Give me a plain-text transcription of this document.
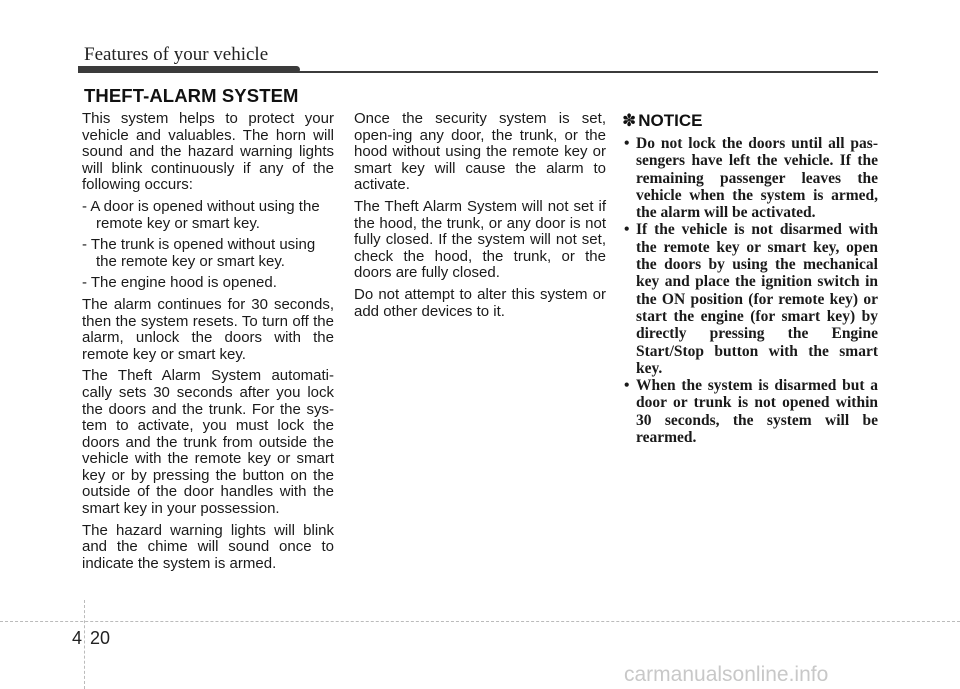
Features of your vehicle
THEFT-ALARM SYSTEM

This system helps to protect your vehicle and valuables. The horn will sound and the hazard warning lights will blink continuously if any of the following occurs:

- A door is opened without using the remote key or smart key.

- The trunk is opened without using the remote key or smart key.

- The engine hood is opened.

The alarm continues for 30 seconds, then the system resets. To turn off the alarm, unlock the doors with the remote key or smart key.

The Theft Alarm System automati-cally sets 30 seconds after you lock the doors and the trunk. For the sys-tem to activate, you must lock the doors and the trunk from outside the vehicle with the remote key or smart key or by pressing the button on the outside of the door handles with the smart key in your possession.

The hazard warning lights will blink and the chime will sound once to indicate the system is armed.

Once the security system is set, open-ing any door, the trunk, or the hood without using the remote key or smart key will cause the alarm to activate.

The Theft Alarm System will not set if the hood, the trunk, or any door is not fully closed. If the system will not set, check the hood, the trunk, or the doors are fully closed.

Do not attempt to alter this system or add other devices to it.

✽ NOTICE
• Do not lock the doors until all pas-sengers have left the vehicle. If the remaining passenger leaves the vehicle when the system is armed, the alarm will be activated.
• If the vehicle is not disarmed with the remote key or smart key, open the doors by using the mechanical key and place the ignition switch in the ON position (for remote key) or start the engine (for smart key) by directly pressing the Engine Start/Stop button with the smart key.
• When the system is disarmed but a door or trunk is not opened within 30 seconds, the system will be rearmed.
4 20
carmanualsonline.info
